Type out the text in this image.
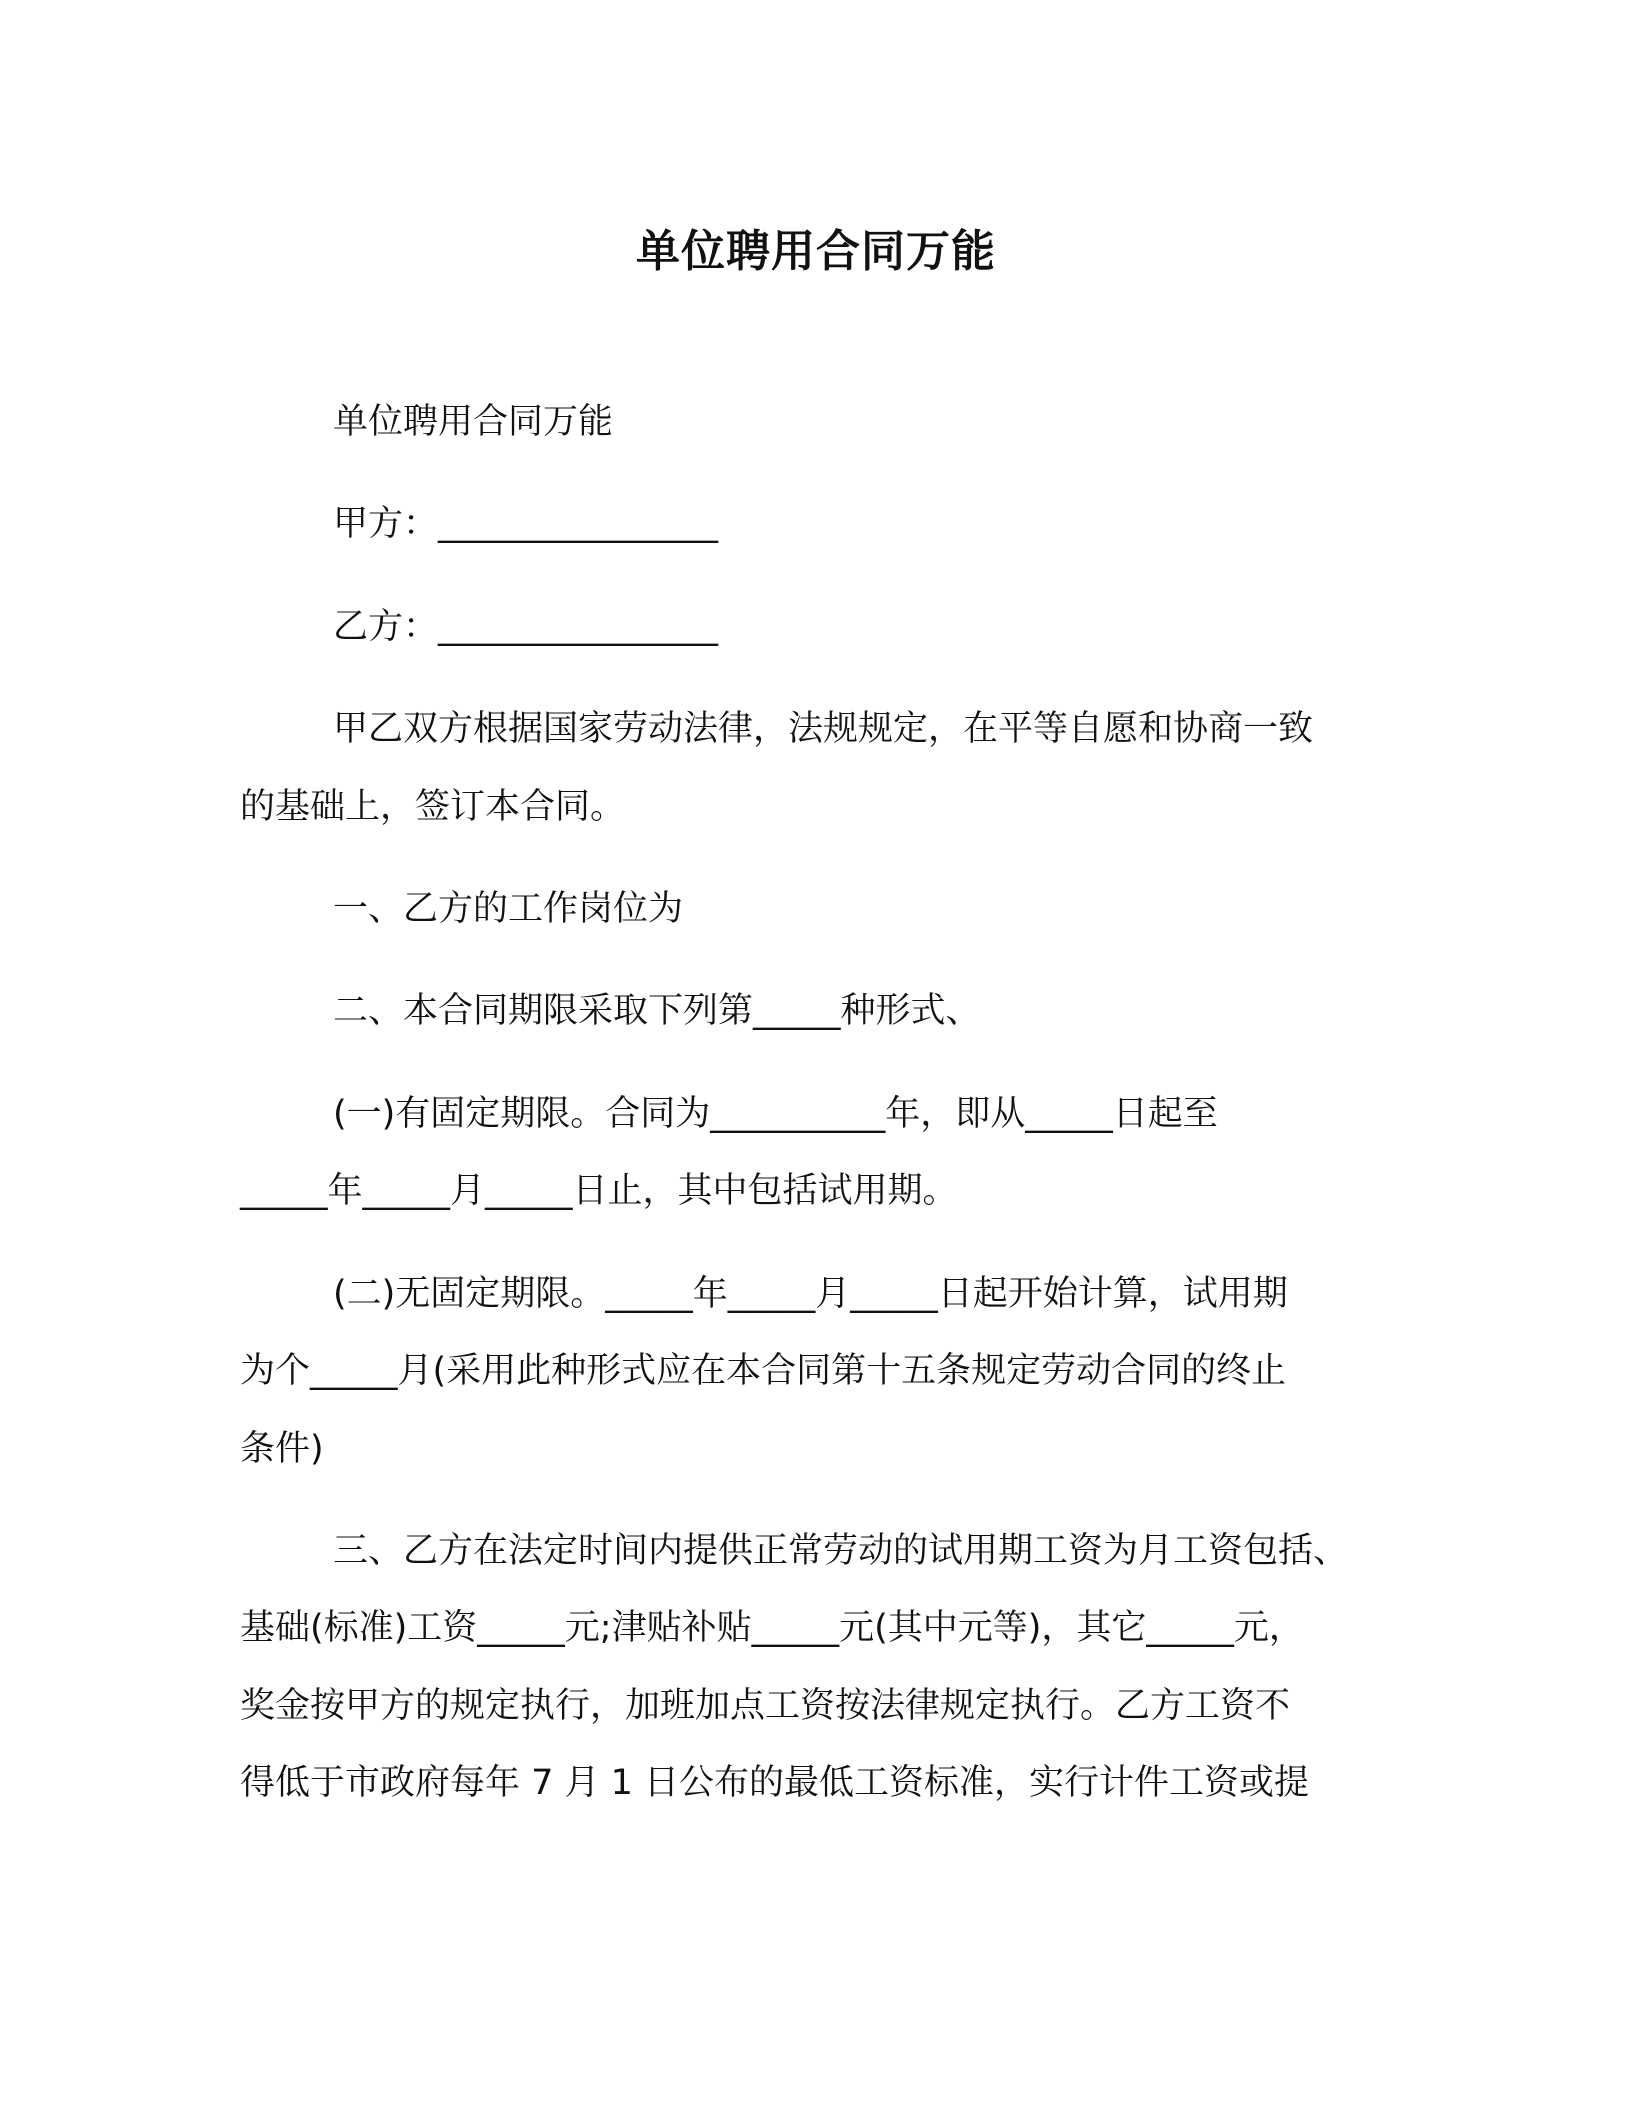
单位聘用合同万能
单位聘用合同万能
甲方：________________
乙方：________________
甲乙双方根据国家劳动法律，法规规定，在平等自愿和协商一致
的基础上，签订本合同。
一、乙方的工作岗位为
二、本合同期限采取下列第_____种形式、
(一)有固定期限。合同为__________年，即从_____日起至
_____年_____月_____日止，其中包括试用期。
(二)无固定期限。_____年_____月_____日起开始计算，试用期
为个_____月(采用此种形式应在本合同第十五条规定劳动合同的终止
条件)
三、乙方在法定时间内提供正常劳动的试用期工资为月工资包括、
基础(标准)工资_____元;津贴补贴_____元(其中元等)，其它_____元，
奖金按甲方的规定执行，加班加点工资按法律规定执行。乙方工资不
得低于市政府每年 7 月 1 日公布的最低工资标准，实行计件工资或提
